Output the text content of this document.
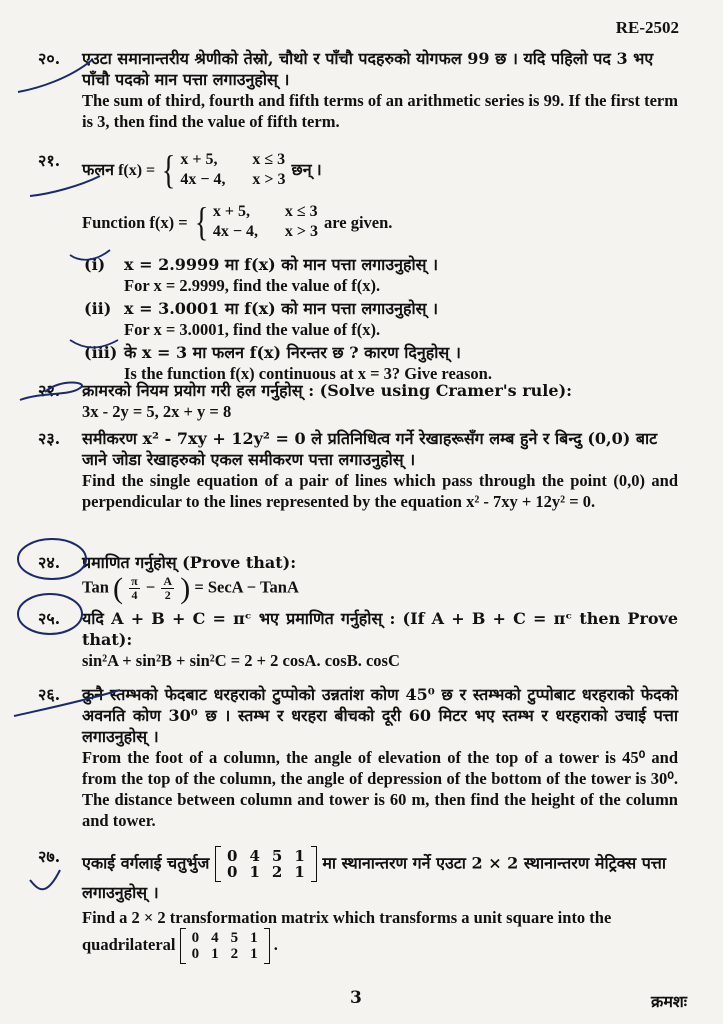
RE-2502
२०.	एउटा समानान्तरीय श्रेणीको तेस्रो, चौथो र पाँचौ पदहरुको योगफल 99 छ । यदि पहिलो पद 3 भए पाँचौ पदको मान पत्ता लगाउनुहोस् ।
The sum of third, fourth and fifth terms of an arithmetic series is 99. If the first term is 3, then find the value of fifth term.
२१.	फलन f(x) = { x + 5, x ≤ 3
4x − 4, x > 3
छन् ।
Function f(x) = { x + 5, x ≤ 3
4x − 4, x > 3 are given.
(i) x = 2.9999 मा f(x) को मान पत्ता लगाउनुहोस् ।
For x = 2.9999, find the value of f(x).
(ii) x = 3.0001 मा f(x) को मान पत्ता लगाउनुहोस् ।
For x = 3.0001, find the value of f(x).
(iii) के x = 3 मा फलन f(x) निरन्तर छ ? कारण दिनुहोस् ।
Is the function f(x) continuous at x = 3? Give reason.
२२.	क्रामरको नियम प्रयोग गरी हल गर्नुहोस् : (Solve using Cramer's rule):
3x - 2y = 5, 2x + y = 8
२३.	समीकरण x² - 7xy + 12y² = 0 ले प्रतिनिधित्व गर्ने रेखाहरूसँग लम्ब हुने र बिन्दु (0,0) बाट जाने जोडा रेखाहरुको एकल समीकरण पत्ता लगाउनुहोस् ।
Find the single equation of a pair of lines which pass through the point (0,0) and perpendicular to the lines represented by the equation x² - 7xy + 12y² = 0.
२४.	प्रमाणित गर्नुहोस् (Prove that):
Tan ( $\frac{\pi}{4} - \frac{A}{2}$ ) = SecA − TanA
२५.	यदि A + B + C = πᶜ भए प्रमाणित गर्नुहोस् : (If A + B + C = πᶜ then Prove that):
sin²A + sin²B + sin²C = 2 + 2 cosA. cosB. cosC
२६.	कुनै स्तम्भको फेदबाट धरहराको टुप्पोको उन्नतांश कोण 45⁰ छ र स्तम्भको टुप्पोबाट धरहराको फेदको अवनति कोण 30⁰ छ । स्तम्भ र धरहरा बीचको दूरी 60 मिटर भए स्तम्भ र धरहराको उचाई पत्ता लगाउनुहोस् ।
From the foot of a column, the angle of elevation of the top of a tower is 45⁰ and from the top of the column, the angle of depression of the bottom of the tower is 30⁰. The distance between column and tower is 60 m, then find the height of the column and tower.
२७.	एकाई वर्गलाई चतुर्भुज 0	4	5	1
0	1	2	1 मा स्थानान्तरण गर्ने एउटा 2 × 2 स्थानान्तरण मेट्रिक्स पत्ता लगाउनुहोस् ।
Find a 2 × 2 transformation matrix which transforms a unit square into the quadrilateral 0	4	5	1
0	1	2	1
.
3	क्रमशः
